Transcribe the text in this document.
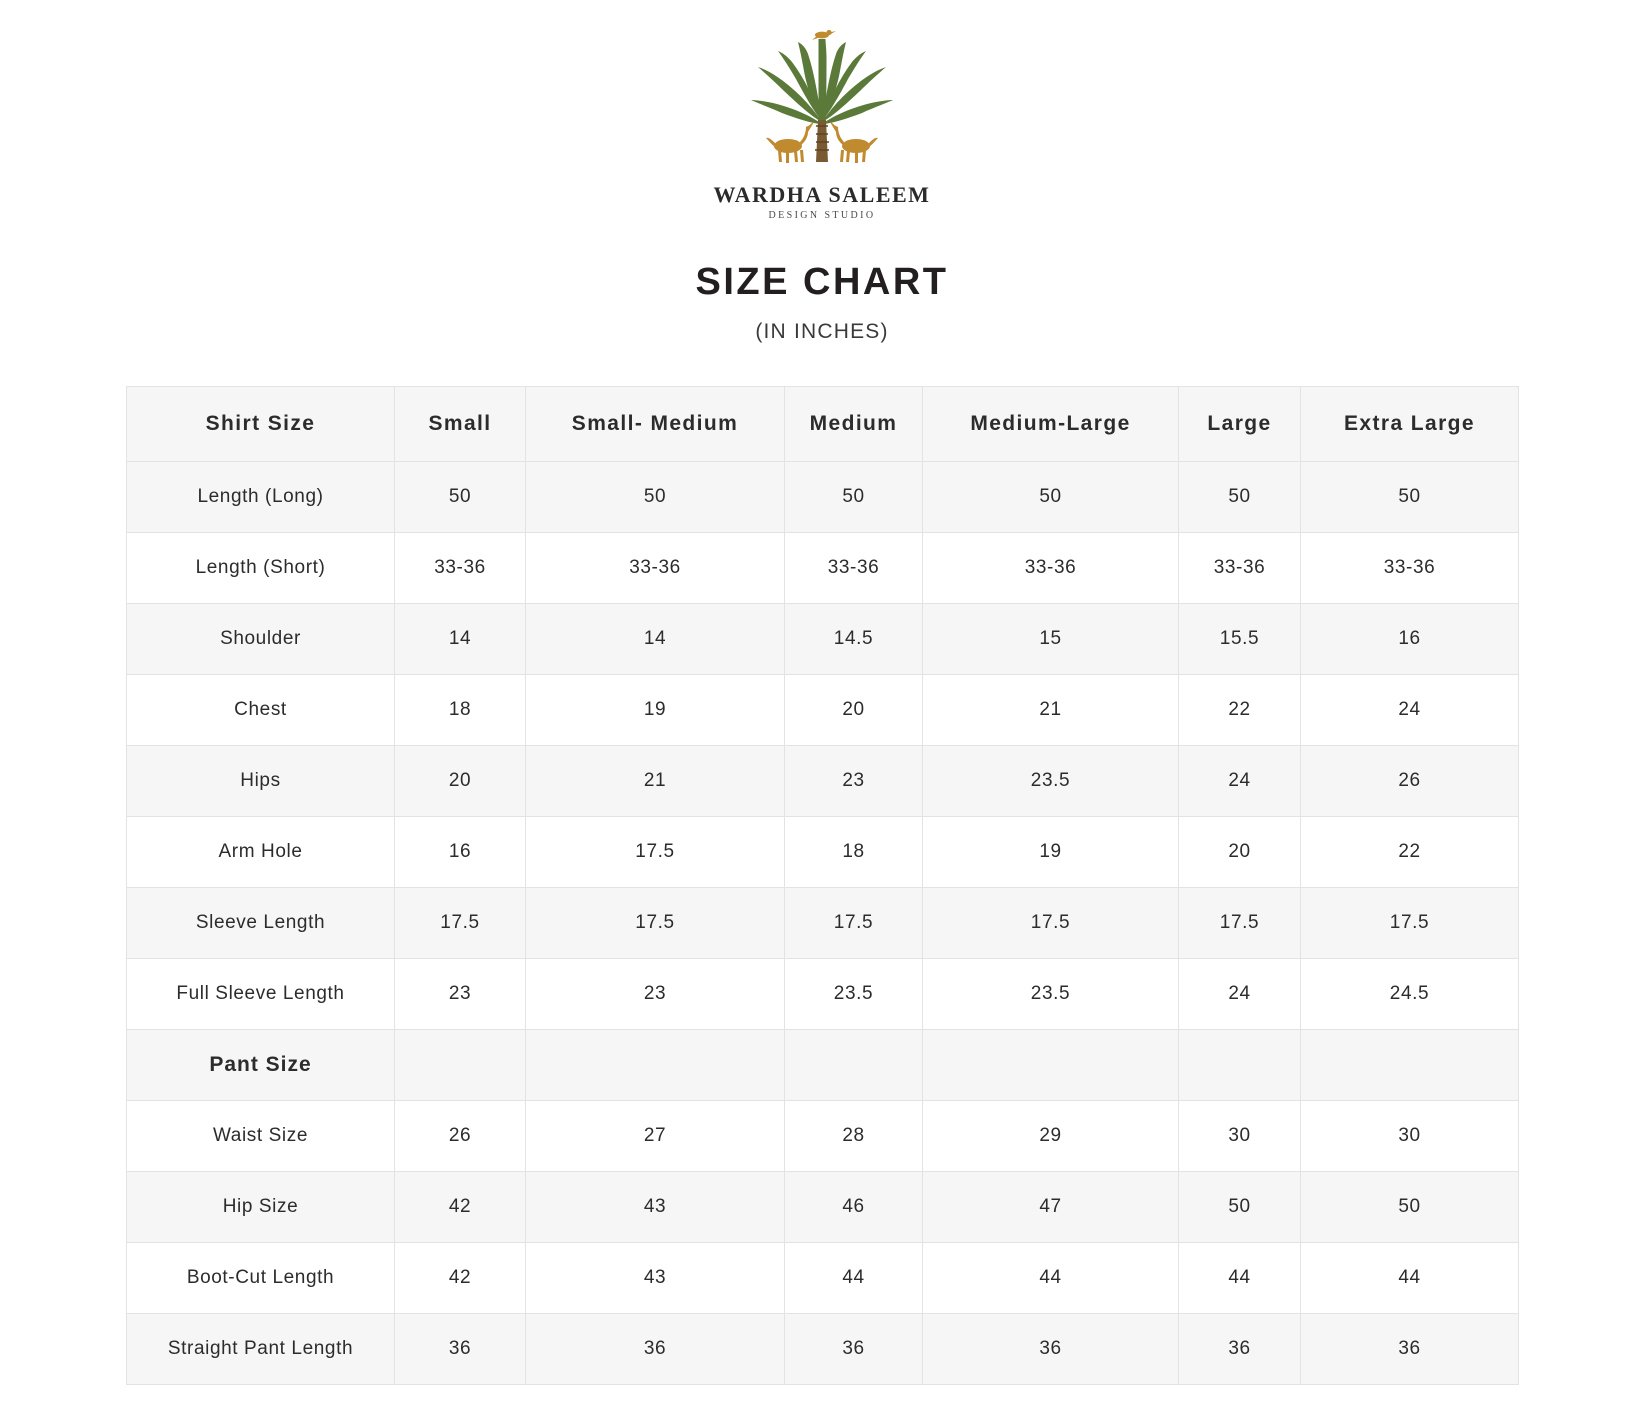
WARDHA SALEEM
DESIGN STUDIO
SIZE CHART
(IN INCHES)
Shirt Size	Small	Small- Medium	Medium	Medium-Large	Large	Extra Large
Length (Long)	50	50	50	50	50	50
Length (Short)	33-36	33-36	33-36	33-36	33-36	33-36
Shoulder	14	14	14.5	15	15.5	16
Chest	18	19	20	21	22	24
Hips	20	21	23	23.5	24	26
Arm Hole	16	17.5	18	19	20	22
Sleeve Length	17.5	17.5	17.5	17.5	17.5	17.5
Full Sleeve Length	23	23	23.5	23.5	24	24.5
Pant Size						
Waist Size	26	27	28	29	30	30
Hip Size	42	43	46	47	50	50
Boot-Cut Length	42	43	44	44	44	44
Straight Pant Length	36	36	36	36	36	36
